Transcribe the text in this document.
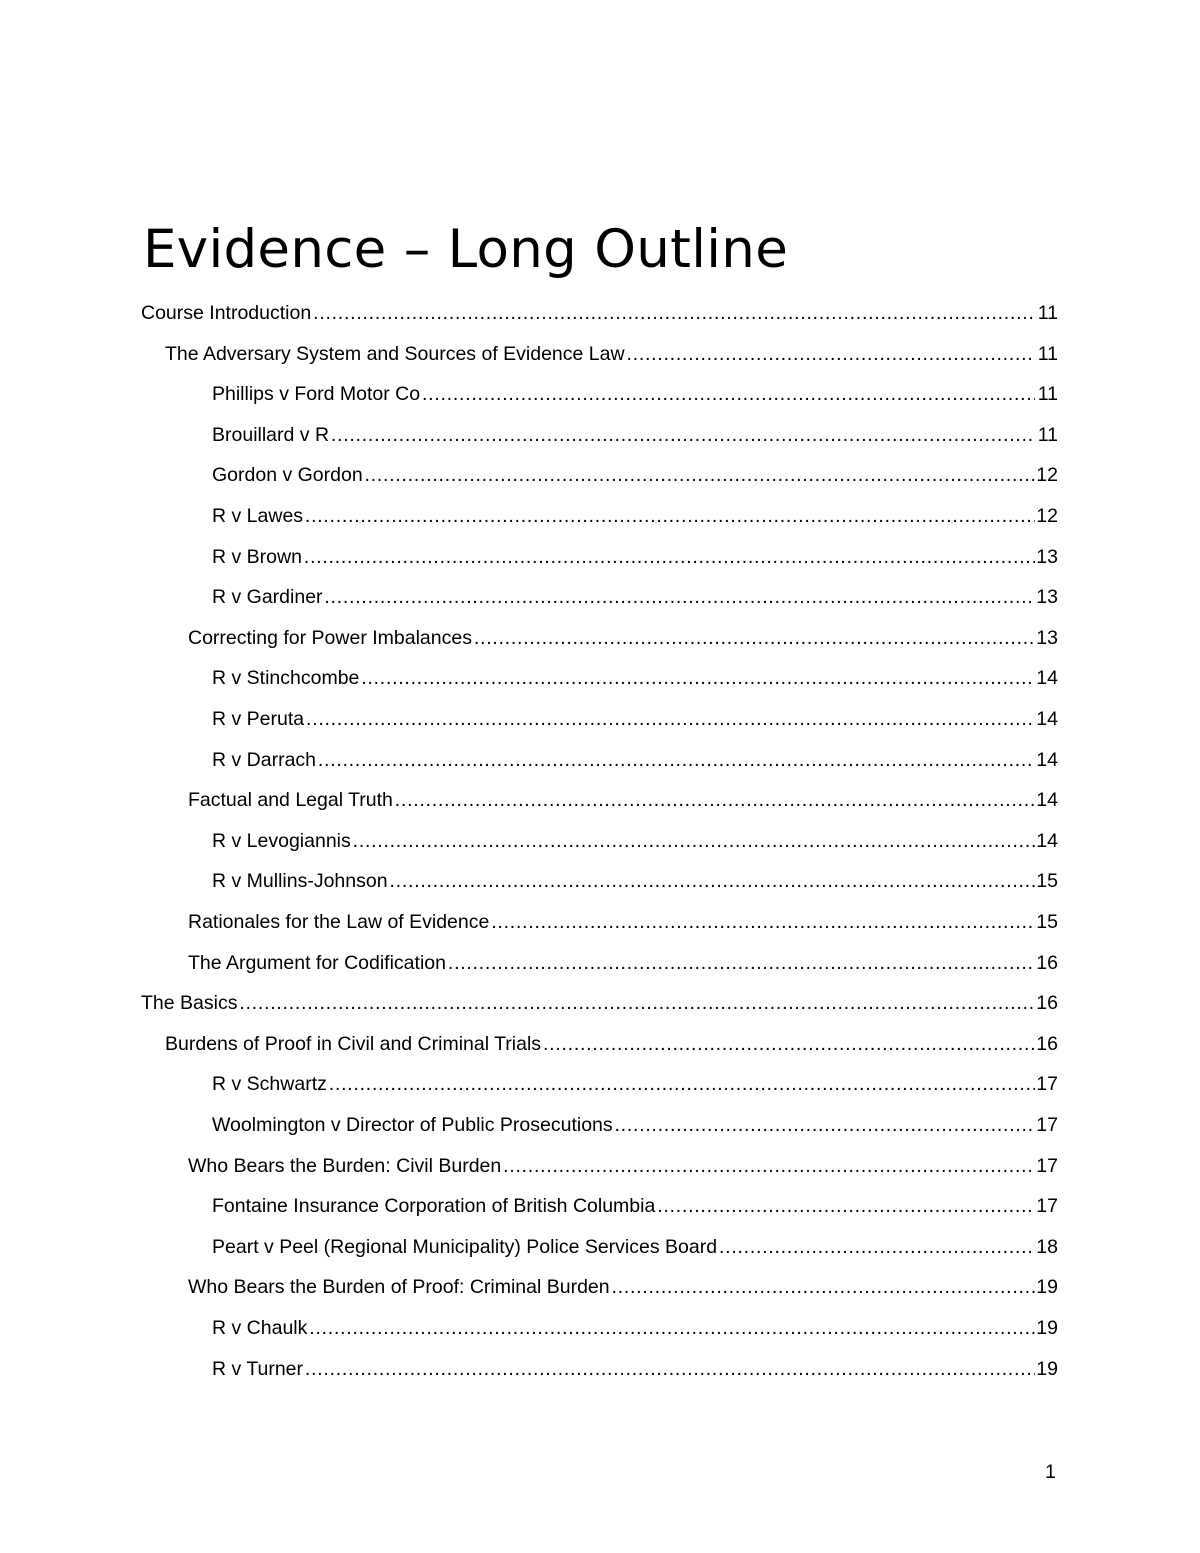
Evidence – Long Outline
Course Introduction ……………………………………………………………………………………………………………………………………………………………………………………………………………………………………………………………………………………………………	11
The Adversary System and Sources of Evidence Law ……………………………………………………………………………………………………………………………………………………………………………………………………………………………………………………………………………………………………	11
Phillips v Ford Motor Co ……………………………………………………………………………………………………………………………………………………………………………………………………………………………………………………………………………………………………	11
Brouillard v R ……………………………………………………………………………………………………………………………………………………………………………………………………………………………………………………………………………………………………	11
Gordon v Gordon ……………………………………………………………………………………………………………………………………………………………………………………………………………………………………………………………………………………………………	12
R v Lawes ……………………………………………………………………………………………………………………………………………………………………………………………………………………………………………………………………………………………………	12
R v Brown ……………………………………………………………………………………………………………………………………………………………………………………………………………………………………………………………………………………………………	13
R v Gardiner ……………………………………………………………………………………………………………………………………………………………………………………………………………………………………………………………………………………………………	13
Correcting for Power Imbalances ……………………………………………………………………………………………………………………………………………………………………………………………………………………………………………………………………………………………………	13
R v Stinchcombe ……………………………………………………………………………………………………………………………………………………………………………………………………………………………………………………………………………………………………	14
R v Peruta ……………………………………………………………………………………………………………………………………………………………………………………………………………………………………………………………………………………………………	14
R v Darrach ……………………………………………………………………………………………………………………………………………………………………………………………………………………………………………………………………………………………………	14
Factual and Legal Truth ……………………………………………………………………………………………………………………………………………………………………………………………………………………………………………………………………………………………………	14
R v Levogiannis ……………………………………………………………………………………………………………………………………………………………………………………………………………………………………………………………………………………………………	14
R v Mullins-Johnson ……………………………………………………………………………………………………………………………………………………………………………………………………………………………………………………………………………………………………	15
Rationales for the Law of Evidence ……………………………………………………………………………………………………………………………………………………………………………………………………………………………………………………………………………………………………	15
The Argument for Codification ……………………………………………………………………………………………………………………………………………………………………………………………………………………………………………………………………………………………………	16
The Basics ……………………………………………………………………………………………………………………………………………………………………………………………………………………………………………………………………………………………………	16
Burdens of Proof in Civil and Criminal Trials ……………………………………………………………………………………………………………………………………………………………………………………………………………………………………………………………………………………………………	16
R v Schwartz ……………………………………………………………………………………………………………………………………………………………………………………………………………………………………………………………………………………………………	17
Woolmington v Director of Public Prosecutions ……………………………………………………………………………………………………………………………………………………………………………………………………………………………………………………………………………………………………	17
Who Bears the Burden: Civil Burden ……………………………………………………………………………………………………………………………………………………………………………………………………………………………………………………………………………………………………	17
Fontaine Insurance Corporation of British Columbia ……………………………………………………………………………………………………………………………………………………………………………………………………………………………………………………………………………………………………	17
Peart v Peel (Regional Municipality) Police Services Board ……………………………………………………………………………………………………………………………………………………………………………………………………………………………………………………………………………………………………	18
Who Bears the Burden of Proof: Criminal Burden ……………………………………………………………………………………………………………………………………………………………………………………………………………………………………………………………………………………………………	19
R v Chaulk ……………………………………………………………………………………………………………………………………………………………………………………………………………………………………………………………………………………………………	19
R v Turner ……………………………………………………………………………………………………………………………………………………………………………………………………………………………………………………………………………………………………	19
1
